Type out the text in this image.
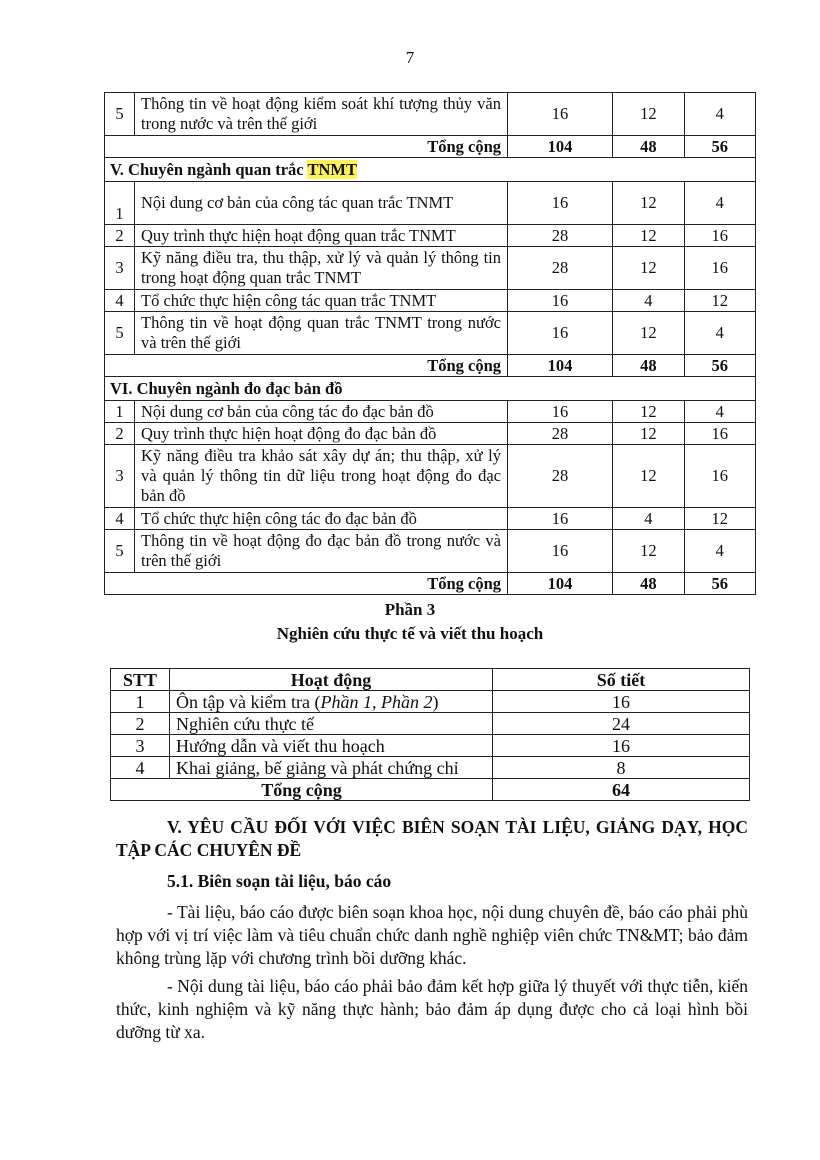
7
5	Thông tin về hoạt động kiểm soát khí tượng thủy văn trong nước và trên thế giới	16	12	4
Tổng cộng		104	48	56
V. Chuyên ngành quan trắc TNMT				
1	Nội dung cơ bản của công tác quan trắc TNMT	16	12	4
2	Quy trình thực hiện hoạt động quan trắc TNMT	28	12	16
3	Kỹ năng điều tra, thu thập, xử lý và quản lý thông tin trong hoạt động quan trắc TNMT	28	12	16
4	Tổ chức thực hiện công tác quan trắc TNMT	16	4	12
5	Thông tin về hoạt động quan trắc TNMT trong nước và trên thế giới	16	12	4
Tổng cộng		104	48	56
VI. Chuyên ngành đo đạc bản đồ				
1	Nội dung cơ bản của công tác đo đạc bản đồ	16	12	4
2	Quy trình thực hiện hoạt động đo đạc bản đồ	28	12	16
3	Kỹ năng điều tra khảo sát xây dự án; thu thập, xử lý và quản lý thông tin dữ liệu trong hoạt động đo đạc bản đồ	28	12	16
4	Tổ chức thực hiện công tác đo đạc bản đồ	16	4	12
5	Thông tin về hoạt động đo đạc bản đồ trong nước và trên thế giới	16	12	4
Tổng cộng		104	48	56
Phần 3
Nghiên cứu thực tế và viết thu hoạch
STT	Hoạt động	Số tiết
1	Ôn tập và kiểm tra (Phần 1, Phần 2)	16
2	Nghiên cứu thực tế	24
3	Hướng dẫn và viết thu hoạch	16
4	Khai giảng, bế giảng và phát chứng chỉ	8
Tổng cộng		64
V. YÊU CẦU ĐỐI VỚI VIỆC BIÊN SOẠN TÀI LIỆU, GIẢNG DẠY, HỌC TẬP CÁC CHUYÊN ĐỀ
5.1. Biên soạn tài liệu, báo cáo
- Tài liệu, báo cáo được biên soạn khoa học, nội dung chuyên đề, báo cáo phải phù hợp với vị trí việc làm và tiêu chuẩn chức danh nghề nghiệp viên chức TN&MT; bảo đảm không trùng lặp với chương trình bồi dưỡng khác.
- Nội dung tài liệu, báo cáo phải bảo đảm kết hợp giữa lý thuyết với thực tiễn, kiến thức, kinh nghiệm và kỹ năng thực hành; bảo đảm áp dụng được cho cả loại hình bồi dưỡng từ xa.
